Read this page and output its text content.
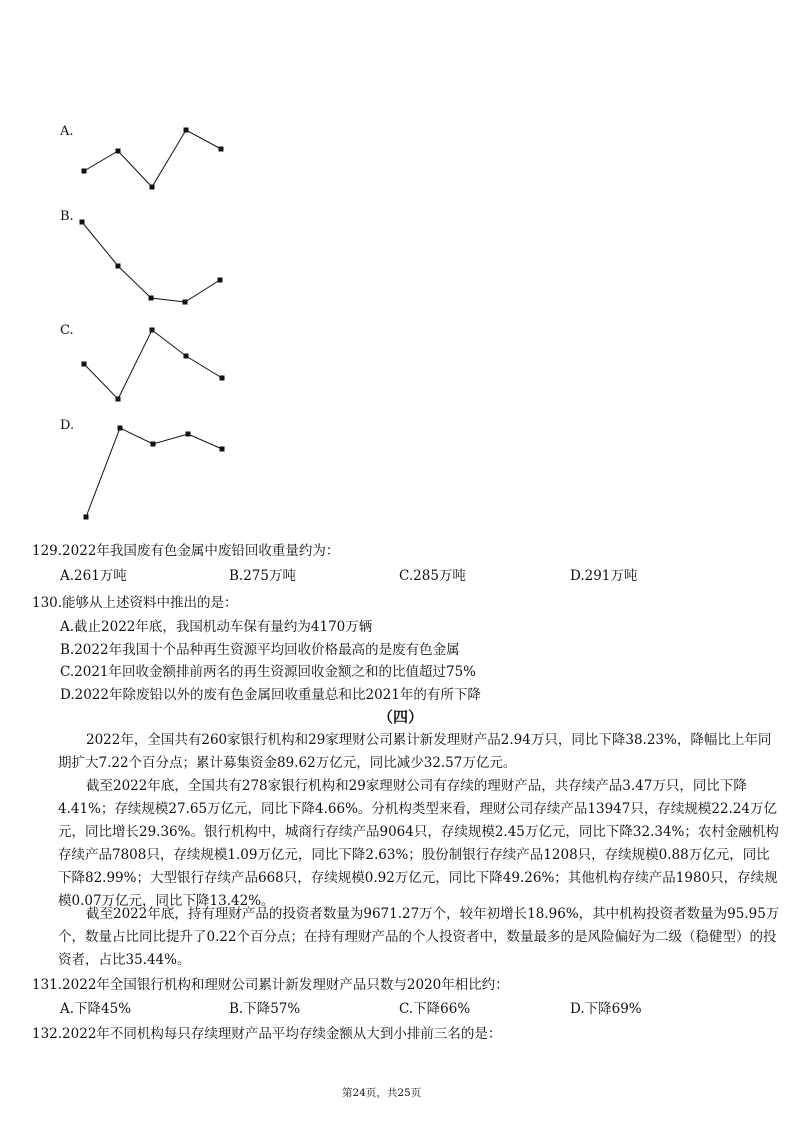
A.
B.
C.
D.
129.2022年我国废有色金属中废铅回收重量约为：
A.261万吨	B.275万吨	C.285万吨	D.291万吨
130.能够从上述资料中推出的是：
A.截止2022年底，我国机动车保有量约为4170万辆
B.2022年我国十个品种再生资源平均回收价格最高的是废有色金属
C.2021年回收金额排前两名的再生资源回收金额之和的比值超过75%
D.2022年除废铅以外的废有色金属回收重量总和比2021年的有所下降
（四）
2022年，全国共有260家银行机构和29家理财公司累计新发理财产品2.94万只，同比下降38.23%，降幅比上年同期扩大7.22个百分点；累计募集资金89.62万亿元，同比减少32.57万亿元。
截至2022年底，全国共有278家银行机构和29家理财公司有存续的理财产品，共存续产品3.47万只，同比下降4.41%；存续规模27.65万亿元，同比下降4.66%。分机构类型来看，理财公司存续产品13947只，存续规模22.24万亿元，同比增长29.36%。银行机构中，城商行存续产品9064只，存续规模2.45万亿元，同比下降32.34%；农村金融机构存续产品7808只，存续规模1.09万亿元，同比下降2.63%；股份制银行存续产品1208只，存续规模0.88万亿元，同比下降82.99%；大型银行存续产品668只，存续规模0.92万亿元，同比下降49.26%；其他机构存续产品1980只，存续规模0.07万亿元，同比下降13.42%。
截至2022年底，持有理财产品的投资者数量为9671.27万个，较年初增长18.96%，其中机构投资者数量为95.95万个，数量占比同比提升了0.22个百分点；在持有理财产品的个人投资者中，数量最多的是风险偏好为二级（稳健型）的投资者，占比35.44%。
131.2022年全国银行机构和理财公司累计新发理财产品只数与2020年相比约：
A.下降45%	B.下降57%	C.下降66%	D.下降69%
132.2022年不同机构每只存续理财产品平均存续金额从大到小排前三名的是：
第24页，共25页
